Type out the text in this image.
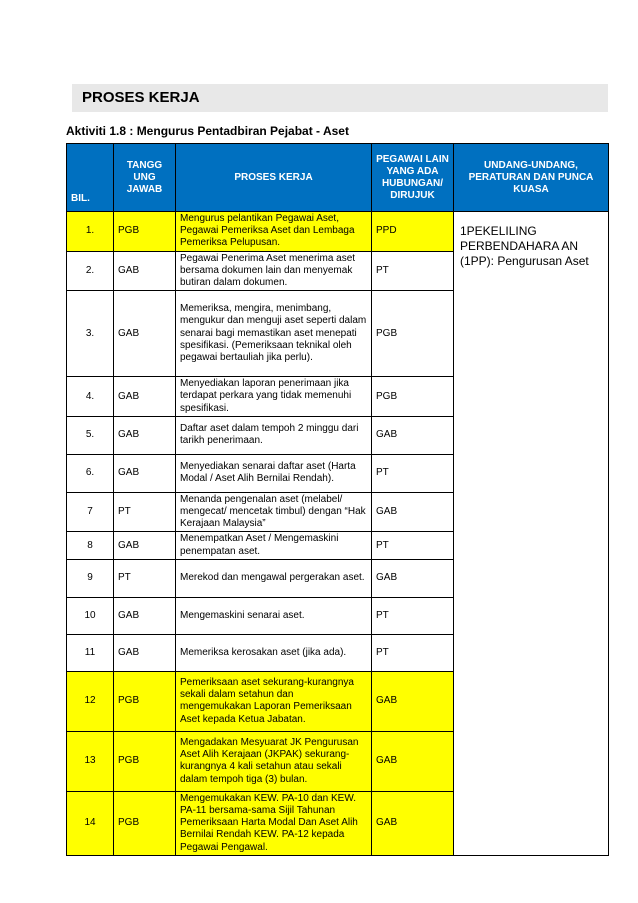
PROSES KERJA
Aktiviti 1.8 : Mengurus Pentadbiran Pejabat - Aset
BIL.	TANGG UNG JAWAB	PROSES KERJA	PEGAWAI LAIN YANG ADA HUBUNGAN/ DIRUJUK	UNDANG-UNDANG, PERATURAN DAN PUNCA KUASA
1.	PGB	Mengurus pelantikan Pegawai Aset, Pegawai Pemeriksa Aset dan Lembaga Pemeriksa Pelupusan.	PPD	1PEKELILING PERBENDAHARA AN (1PP): Pengurusan Aset
2.	GAB	Pegawai Penerima Aset menerima aset bersama dokumen lain dan menyemak butiran dalam dokumen.	PT	
3.	GAB	Memeriksa, mengira, menimbang, mengukur dan menguji aset seperti dalam senarai bagi memastikan aset menepati spesifikasi. (Pemeriksaan teknikal oleh pegawai bertauliah jika perlu).	PGB	
4.	GAB	Menyediakan laporan penerimaan jika terdapat perkara yang tidak memenuhi spesifikasi.	PGB	
5.	GAB	Daftar aset dalam tempoh 2 minggu dari tarikh penerimaan.	GAB	
6.	GAB	Menyediakan senarai daftar aset (Harta Modal / Aset Alih Bernilai Rendah).	PT	
7	PT	Menanda pengenalan aset (melabel/ mengecat/ mencetak timbul) dengan “Hak Kerajaan Malaysia”	GAB	
8	GAB	Menempatkan Aset / Mengemaskini penempatan aset.	PT	
9	PT	Merekod dan mengawal pergerakan aset.	GAB	
10	GAB	Mengemaskini senarai aset.	PT	
11	GAB	Memeriksa kerosakan aset (jika ada).	PT	
12	PGB	Pemeriksaan aset sekurang-kurangnya sekali dalam setahun dan mengemukakan Laporan Pemeriksaan Aset kepada Ketua Jabatan.	GAB	
13	PGB	Mengadakan Mesyuarat JK Pengurusan Aset Alih Kerajaan (JKPAK) sekurang-kurangnya 4 kali setahun atau sekali dalam tempoh tiga (3) bulan.	GAB	
14	PGB	Mengemukakan KEW. PA-10 dan KEW. PA-11 bersama-sama Sijil Tahunan Pemeriksaan Harta Modal Dan Aset Alih Bernilai Rendah KEW. PA-12 kepada Pegawai Pengawal.	GAB	
